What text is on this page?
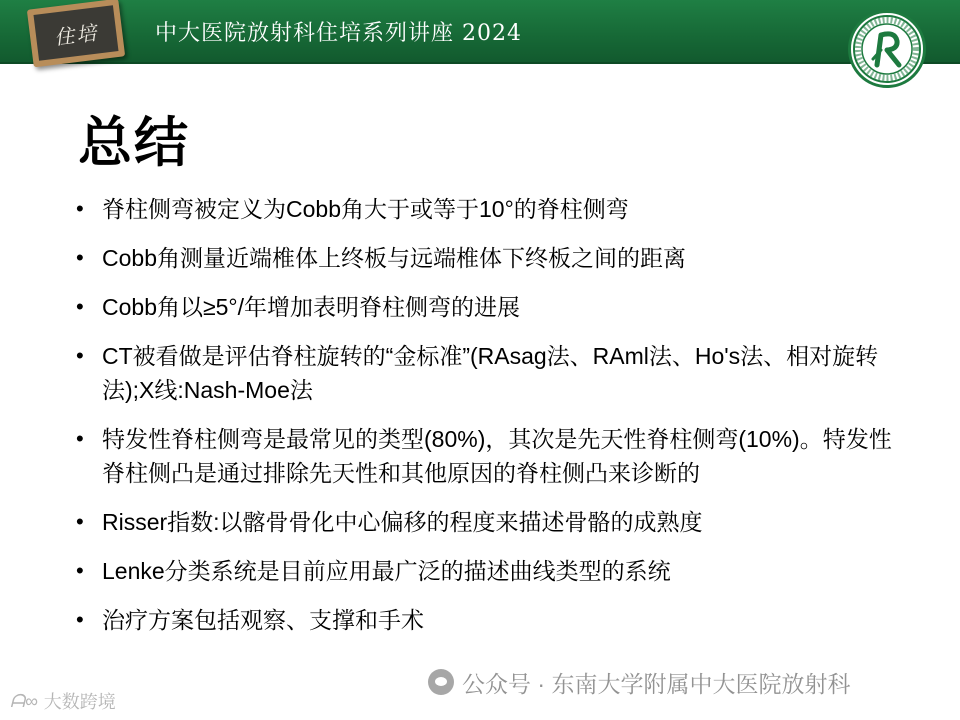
住培	中大医院放射科住培系列讲座 2024
总结
• 脊柱侧弯被定义为Cobb角大于或等于10°的脊柱侧弯
• Cobb角测量近端椎体上终板与远端椎体下终板之间的距离
• Cobb角以≥5°/年增加表明脊柱侧弯的进展
• CT被看做是评估脊柱旋转的“金标准”(RAsag法、RAml法、Ho's法、相对旋转法);X线:Nash-Moe法
• 特发性脊柱侧弯是最常见的类型(80%)，其次是先天性脊柱侧弯(10%)。特发性脊柱侧凸是通过排除先天性和其他原因的脊柱侧凸来诊断的
• Risser指数:以髂骨骨化中心偏移的程度来描述骨骼的成熟度
• Lenke分类系统是目前应用最广泛的描述曲线类型的系统
• 治疗方案包括观察、支撑和手术
公众号 · 东南大学附属中大医院放射科
ᗩ∞ 大数跨境
